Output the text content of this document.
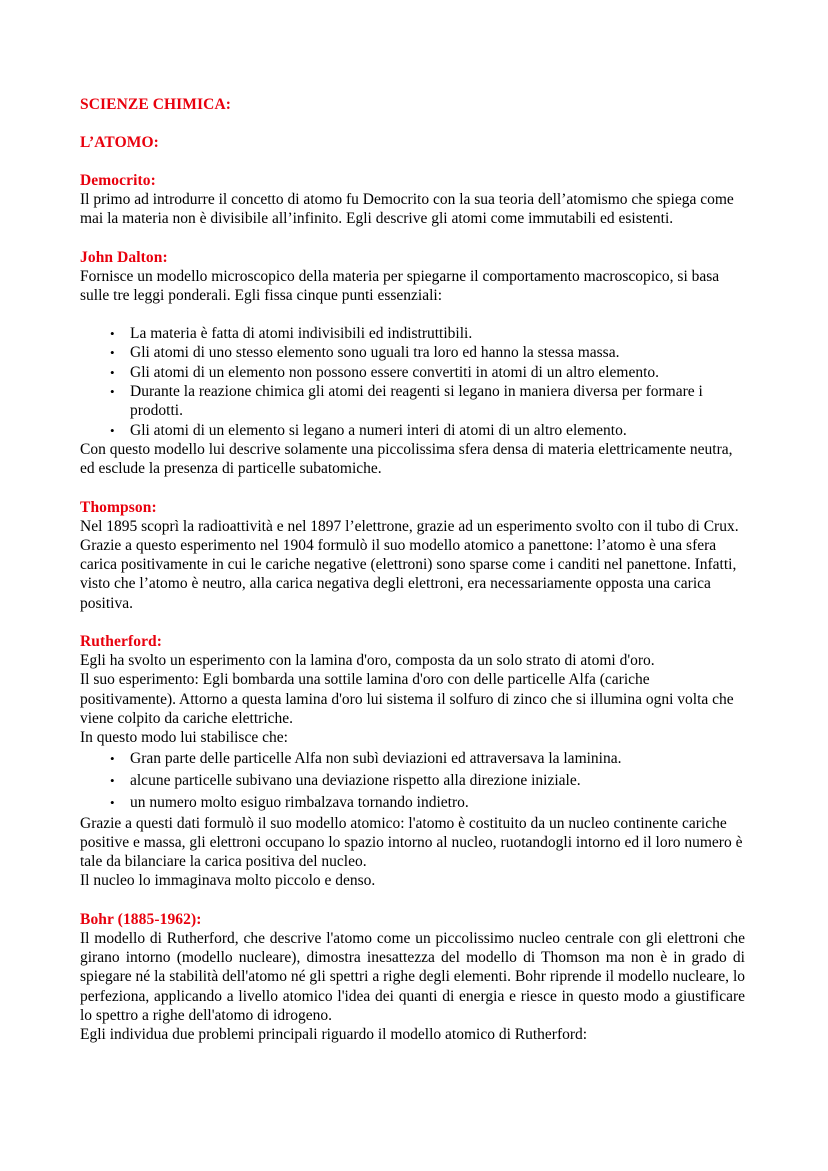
SCIENZE CHIMICA:
L’ATOMO:
Democrito:

Il primo ad introdurre il concetto di atomo fu Democrito con la sua teoria dell’atomismo che spiega come mai la materia non è divisibile all’infinito. Egli descrive gli atomi come immutabili ed esistenti.

John Dalton:

Fornisce un modello microscopico della materia per spiegarne il comportamento macroscopico, si basa sulle tre leggi ponderali. Egli fissa cinque punti essenziali:

• La materia è fatta di atomi indivisibili ed indistruttibili.
• Gli atomi di uno stesso elemento sono uguali tra loro ed hanno la stessa massa.
• Gli atomi di un elemento non possono essere convertiti in atomi di un altro elemento.
• Durante la reazione chimica gli atomi dei reagenti si legano in maniera diversa per formare i prodotti.
• Gli atomi di un elemento si legano a numeri interi di atomi di un altro elemento.

Con questo modello lui descrive solamente una piccolissima sfera densa di materia elettricamente neutra, ed esclude la presenza di particelle subatomiche.

Thompson:

Nel 1895 scoprì la radioattività e nel 1897 l’elettrone, grazie ad un esperimento svolto con il tubo di Crux. Grazie a questo esperimento nel 1904 formulò il suo modello atomico a panettone: l’atomo è una sfera carica positivamente in cui le cariche negative (elettroni) sono sparse come i canditi nel panettone. Infatti, visto che l’atomo è neutro, alla carica negativa degli elettroni, era necessariamente opposta una carica positiva.

Rutherford:

Egli ha svolto un esperimento con la lamina d'oro, composta da un solo strato di atomi d'oro.

Il suo esperimento: Egli bombarda una sottile lamina d'oro con delle particelle Alfa (cariche positivamente). Attorno a questa lamina d'oro lui sistema il solfuro di zinco che si illumina ogni volta che viene colpito da cariche elettriche.

In questo modo lui stabilisce che:

• Gran parte delle particelle Alfa non subì deviazioni ed attraversava la laminina.
• alcune particelle subivano una deviazione rispetto alla direzione iniziale.
• un numero molto esiguo rimbalzava tornando indietro.

Grazie a questi dati formulò il suo modello atomico: l'atomo è costituito da un nucleo continente cariche positive e massa, gli elettroni occupano lo spazio intorno al nucleo, ruotandogli intorno ed il loro numero è tale da bilanciare la carica positiva del nucleo.

Il nucleo lo immaginava molto piccolo e denso.

Bohr (1885-1962):

Il modello di Rutherford, che descrive l'atomo come un piccolissimo nucleo centrale con gli elettroni che girano intorno (modello nucleare), dimostra inesattezza del modello di Thomson ma non è in grado di spiegare né la stabilità dell'atomo né gli spettri a righe degli elementi. Bohr riprende il modello nucleare, lo perfeziona, applicando a livello atomico l'idea dei quanti di energia e riesce in questo modo a giustificare lo spettro a righe dell'atomo di idrogeno.

Egli individua due problemi principali riguardo il modello atomico di Rutherford:
